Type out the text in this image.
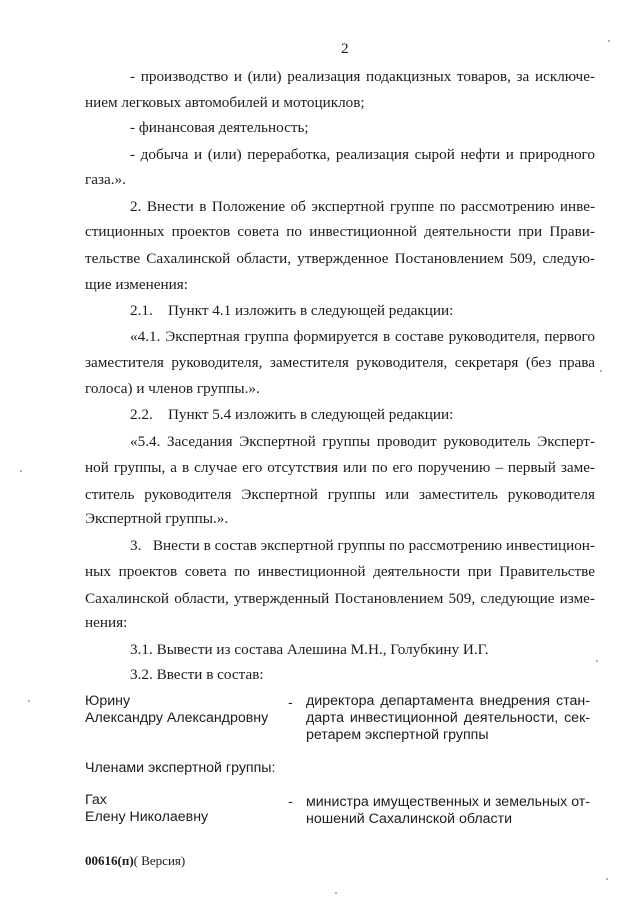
2
- производство и (или) реализация подакцизных товаров, за исключе-
нием легковых автомобилей и мотоциклов;
- финансовая деятельность;
- добыча и (или) переработка, реализация сырой нефти и природного
газа.».
2. Внести в Положение об экспертной группе по рассмотрению инве-
стиционных проектов совета по инвестиционной деятельности при Прави-
тельстве Сахалинской области, утвержденное Постановлением 509, следую-
щие изменения:
2.1.    Пункт 4.1 изложить в следующей редакции:
«4.1. Экспертная группа формируется в составе руководителя, первого
заместителя руководителя, заместителя руководителя, секретаря (без права
голоса) и членов группы.».
2.2.    Пункт 5.4 изложить в следующей редакции:
«5.4. Заседания Экспертной группы проводит руководитель Эксперт-
ной группы, а в случае его отсутствия или по его поручению – первый замe-
ститель руководителя Экспертной группы или заместитель руководителя
Экспертной группы.».
3.   Внести в состав экспертной группы по рассмотрению инвестицион-
ных проектов совета по инвестиционной деятельности при Правительстве
Сахалинской области, утвержденный Постановлением 509, следующие изме-
нения:
3.1. Вывести из состава Алешина М.Н., Голубкину И.Г.
3.2. Ввести в состав:
Юрину
Александру Александровну
- директора департамента внедрения стан-
дарта инвестиционной деятельности, сек-
ретарем экспертной группы
Членами экспертной группы:
Гах
Елену Николаевну
- министра имущественных и земельных от-
ношений Сахалинской области
00616(п)( Версия)
